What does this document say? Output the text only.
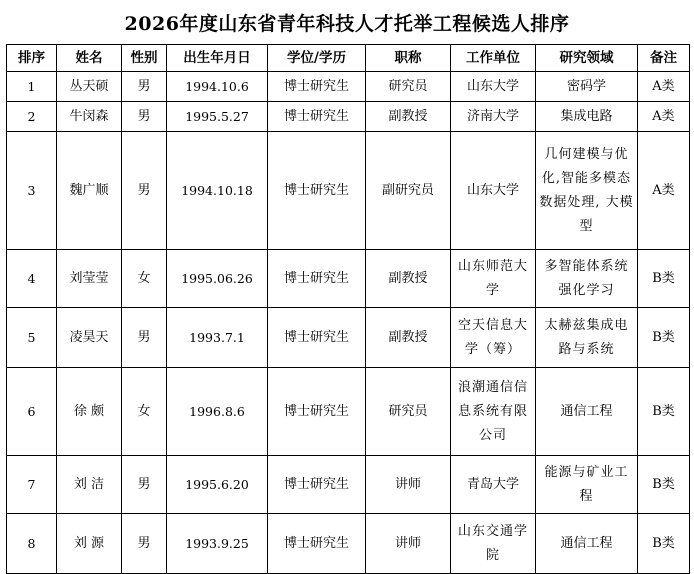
2026年度山东省青年科技人才托举工程候选人排序
排序	姓名	性别	出生年月日	学位/学历	职称	工作单位	研究领域	备注
1	丛天硕	男	1994.10.6	博士研究生	研究员	山东大学	密码学	A类
2	牛闵森	男	1995.5.27	博士研究生	副教授	济南大学	集成电路	A类
3	魏广顺	男	1994.10.18	博士研究生	副研究员	山东大学	几何建模与优化,智能多模态数据处理, 大模型	A类
4	刘莹莹	女	1995.06.26	博士研究生	副教授	山东师范大学	多智能体系统强化学习	B类
5	凌昊天	男	1993.7.1	博士研究生	副教授	空天信息大学（筹）	太赫兹集成电路与系统	B类
6	徐 颇	女	1996.8.6	博士研究生	研究员	浪潮通信信息系统有限公司	通信工程	B类
7	刘 洁	男	1995.6.20	博士研究生	讲师	青岛大学	能源与矿业工程	B类
8	刘 源	男	1993.9.25	博士研究生	讲师	山东交通学院	通信工程	B类
